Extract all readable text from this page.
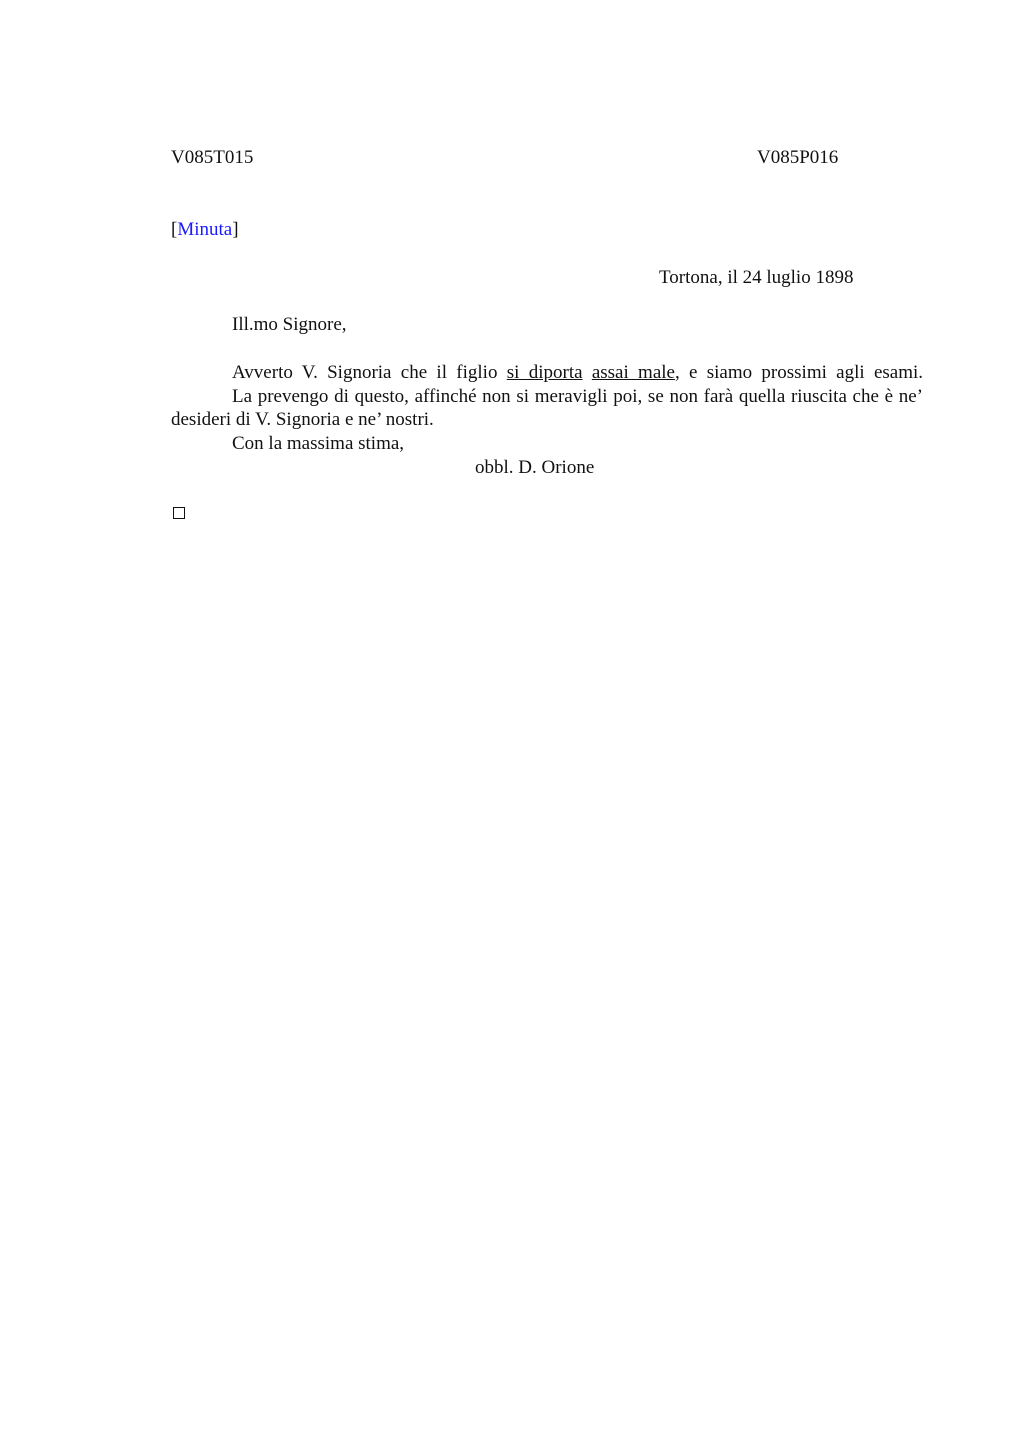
V085T015	V085P016
[Minuta]
Tortona, il 24 luglio 1898
Ill.mo Signore,

Avverto V. Signoria che il figlio si diporta assai male, e siamo prossimi agli esami.

La prevengo di questo, affinché non si meravigli poi, se non farà quella riuscita che è ne’ desideri di V. Signoria e ne’ nostri.

Con la massima stima,

obbl. D. Orione
